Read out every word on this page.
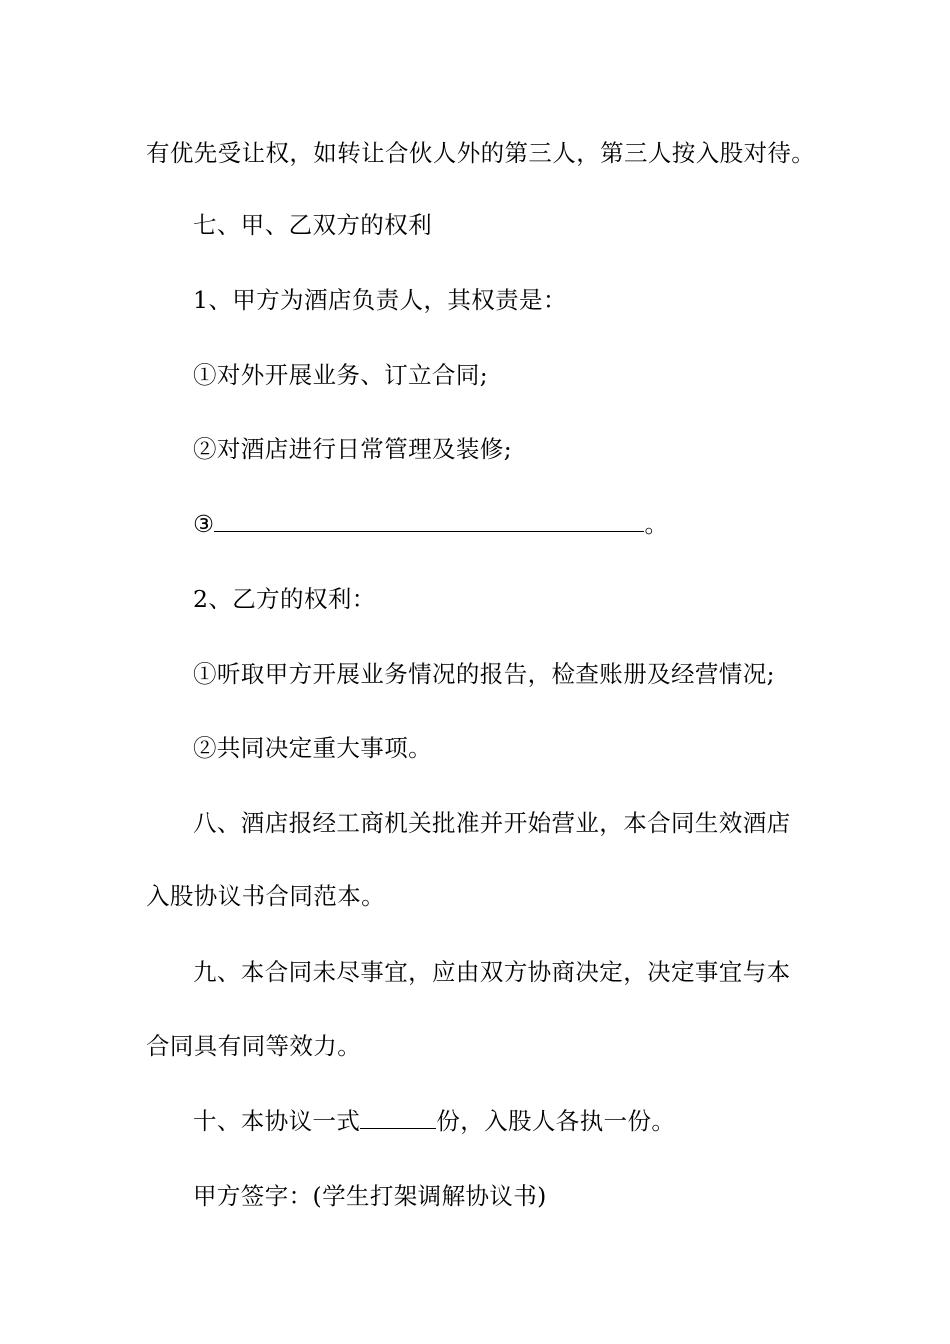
有优先受让权，如转让合伙人外的第三人，第三人按入股对待。
七、甲、乙双方的权利
1、甲方为酒店负责人，其权责是：
①对外开展业务、订立合同;
②对酒店进行日常管理及装修;
③	。
2、乙方的权利：
①听取甲方开展业务情况的报告，检查账册及经营情况;
②共同决定重大事项。
八、酒店报经工商机关批准并开始营业，本合同生效酒店
入股协议书合同范本。
九、本合同未尽事宜，应由双方协商决定，决定事宜与本
合同具有同等效力。
十、本协议一式	份，入股人各执一份。
甲方签字：(学生打架调解协议书)
